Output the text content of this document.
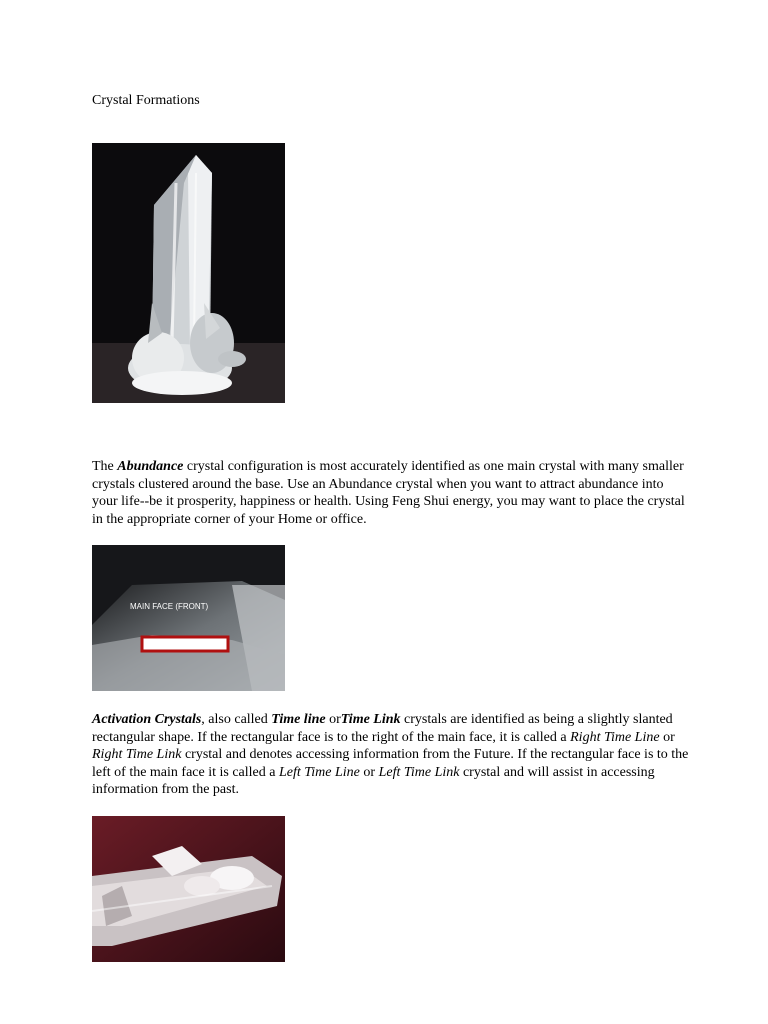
Crystal Formations
The Abundance crystal configuration is most accurately identified as one main crystal with many smaller crystals clustered around the base. Use an Abundance crystal when you want to attract abundance into your life--be it prosperity, happiness or health. Using Feng Shui energy, you may want to place the crystal in the appropriate corner of your Home or office.
MAIN FACE (FRONT)
Activation Crystals, also called Time line orTime Link crystals are identified as being a slightly slanted rectangular shape. If the rectangular face is to the right of the main face, it is called a Right Time Line or Right Time Link crystal and denotes accessing information from the Future. If the rectangular face is to the left of the main face it is called a Left Time Line or Left Time Link crystal and will assist in accessing information from the past.
